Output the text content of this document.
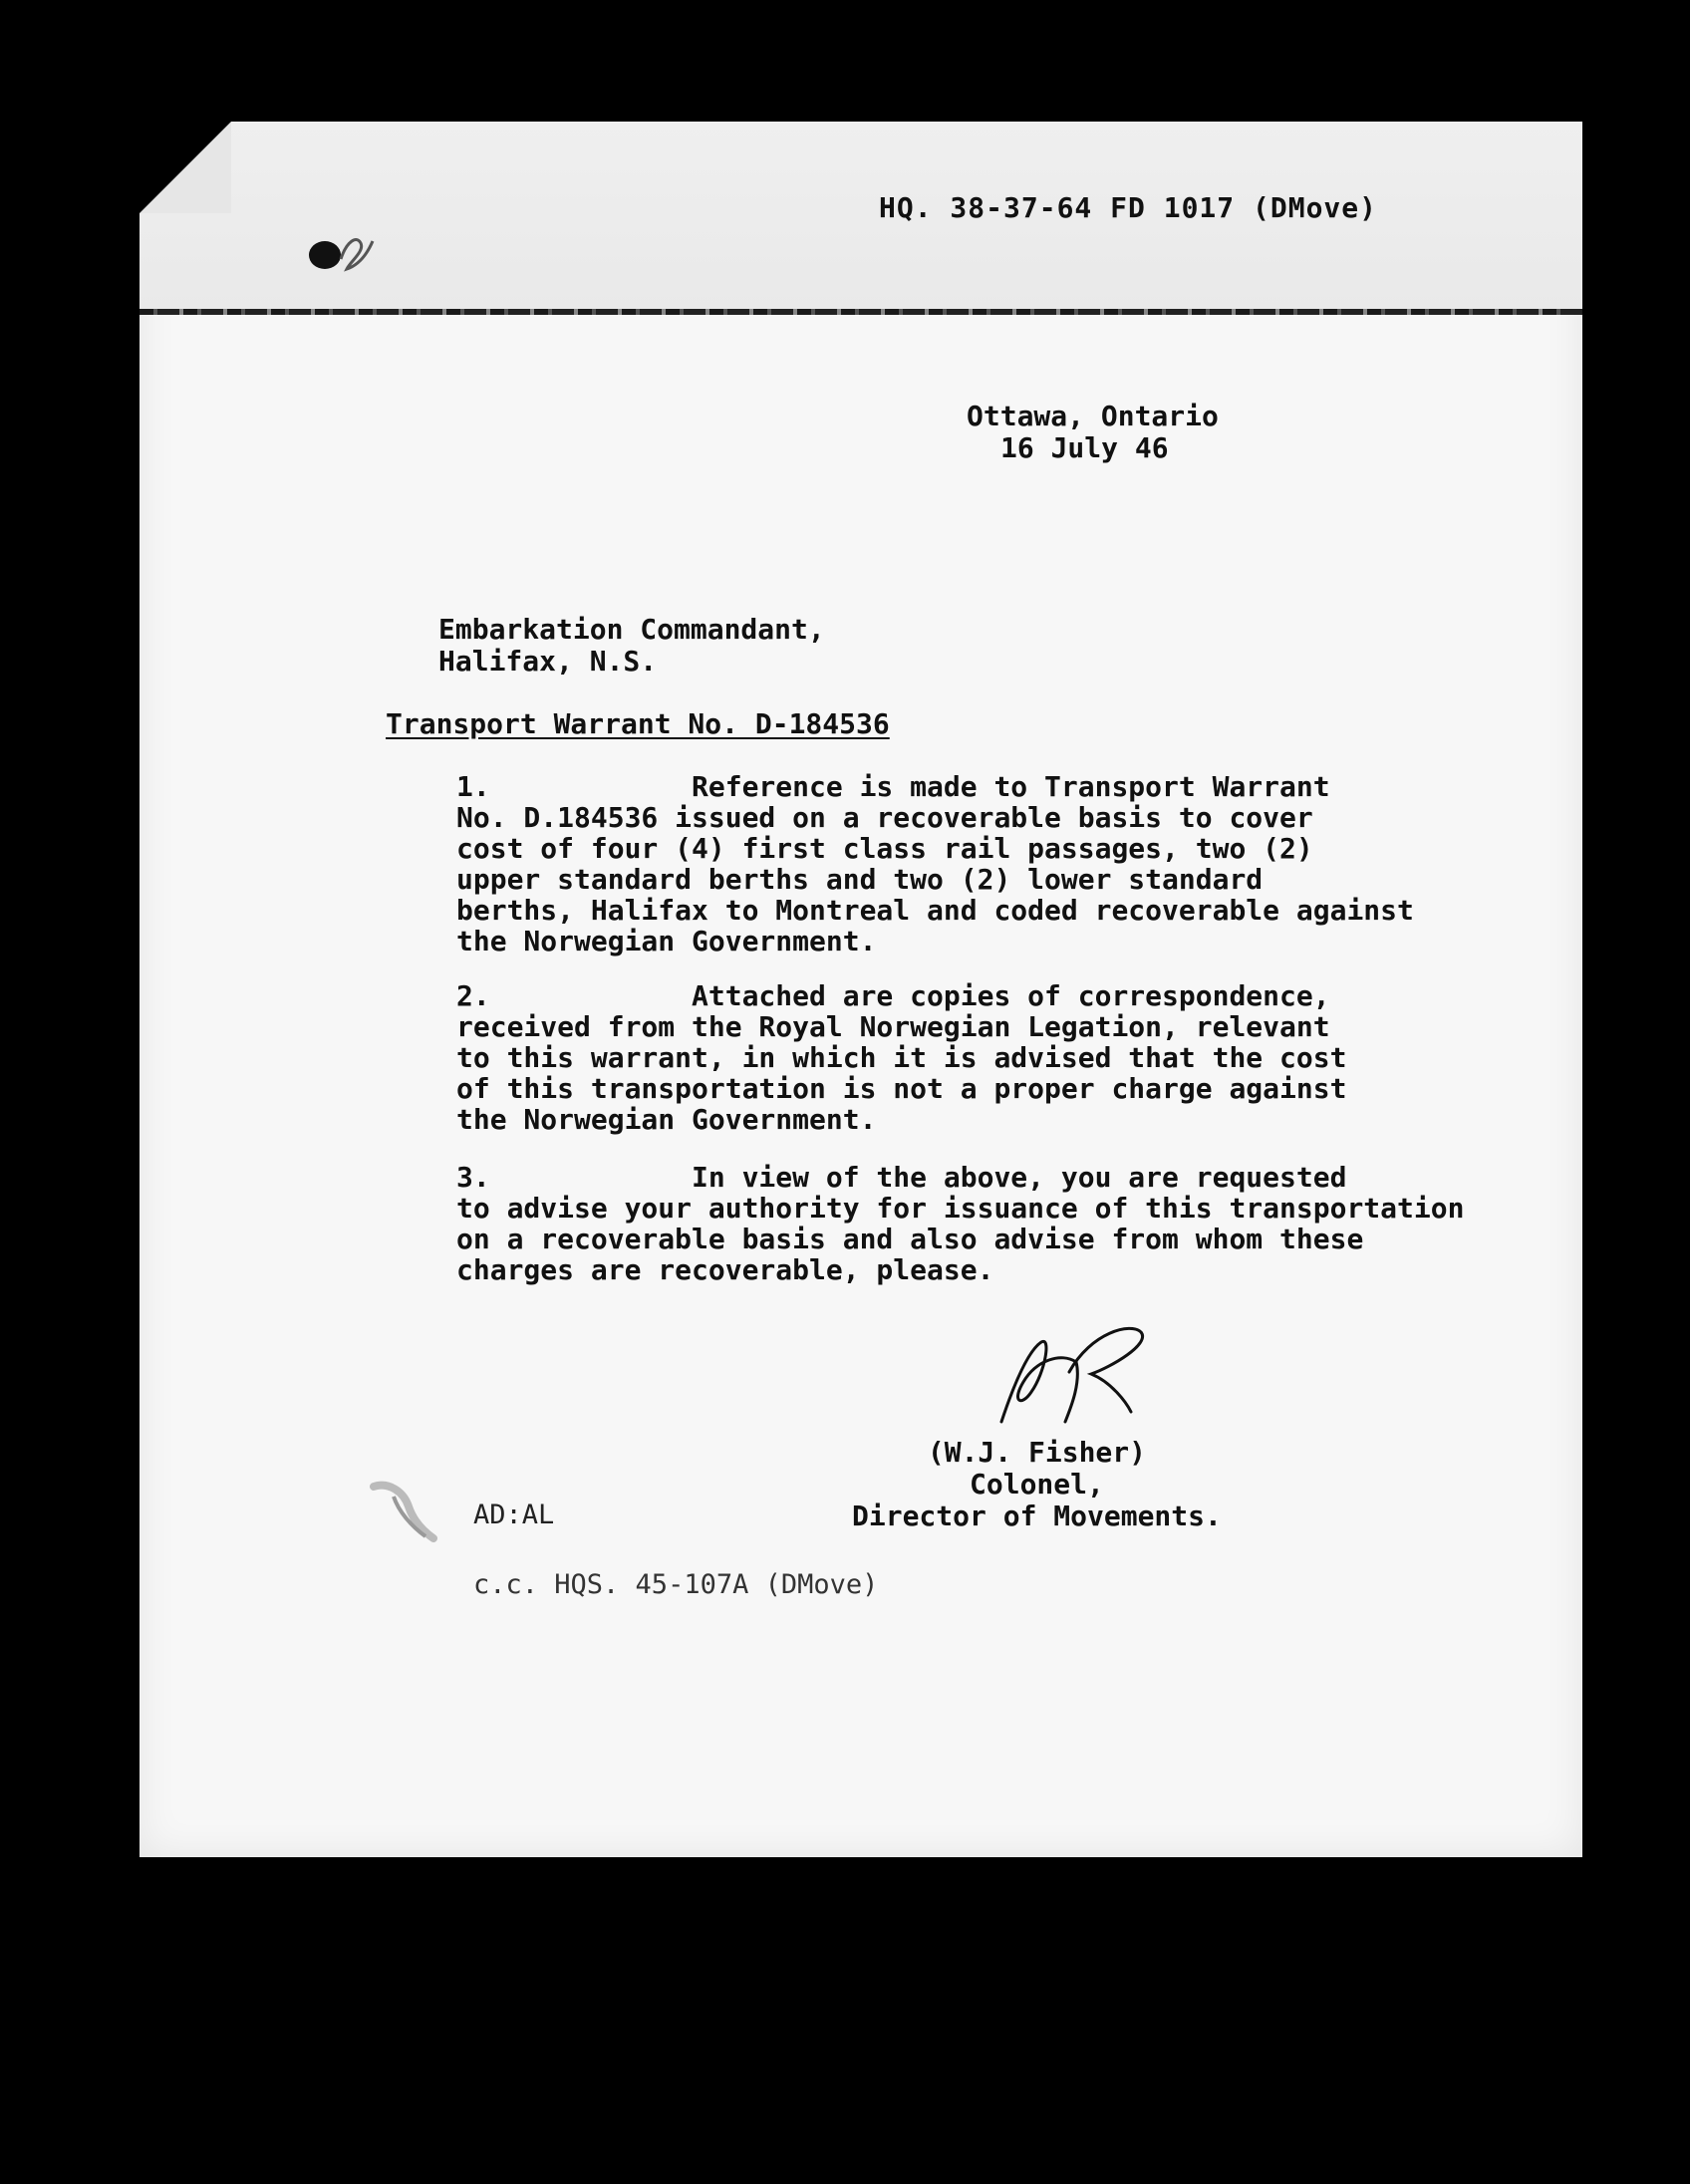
HQ. 38-37-64 FD 1017 (DMove)
Ottawa, Ontario
16 July 46
Embarkation Commandant,
Halifax, N.S.
Transport Warrant No. D-184536
1.            Reference is made to Transport Warrant
No. D.184536 issued on a recoverable basis to cover
cost of four (4) first class rail passages, two (2)
upper standard berths and two (2) lower standard
berths, Halifax to Montreal and coded recoverable against
the Norwegian Government.
2.            Attached are copies of correspondence,
received from the Royal Norwegian Legation, relevant
to this warrant, in which it is advised that the cost
of this transportation is not a proper charge against
the Norwegian Government.
3.            In view of the above, you are requested
to advise your authority for issuance of this transportation
on a recoverable basis and also advise from whom these
charges are recoverable, please.
(W.J. Fisher)
Colonel,
Director of Movements.
AD:AL
c.c. HQS. 45-107A (DMove)
